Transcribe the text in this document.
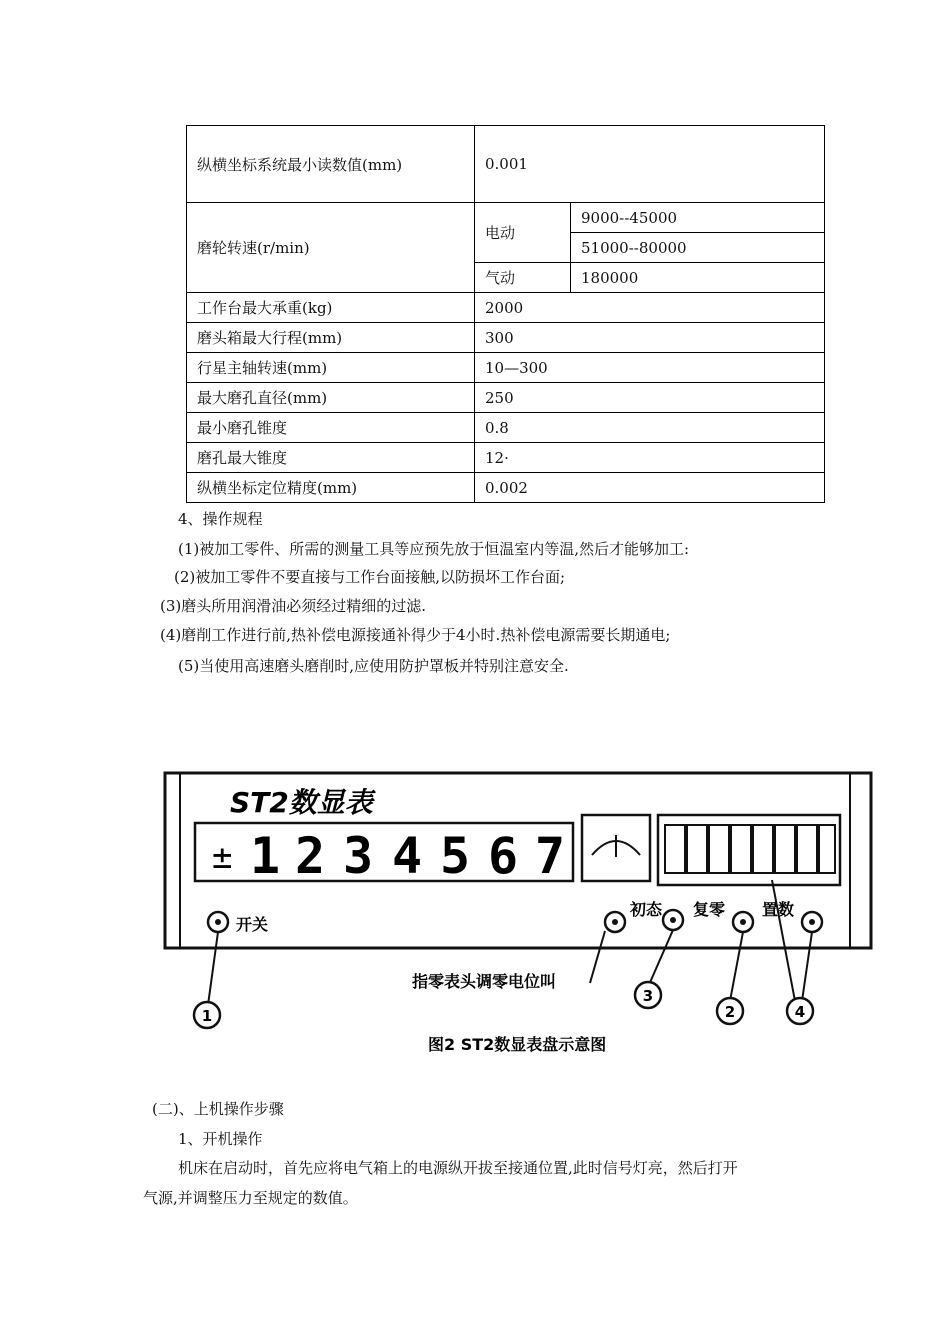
纵横坐标系统最小读数值(mm)	0.001	
磨轮转速(r/min)	电动	9000--45000
		51000--80000
	气动	180000
工作台最大承重(kg)	2000	
磨头箱最大行程(mm)	300	
行星主轴转速(mm)	10—300	
最大磨孔直径(mm)	250	
最小磨孔锥度	0.8	
磨孔最大锥度	12·	
纵横坐标定位精度(mm)	0.002	
4、操作规程
(1)被加工零件、所需的测量工具等应预先放于恒温室内等温,然后才能够加工:
(2)被加工零件不要直接与工作台面接触,以防损坏工作台面;
(3)磨头所用润滑油必须经过精细的过滤.
(4)磨削工作进行前,热补偿电源接通补得少于4小时.热补偿电源需要长期通电;
(5)当使用高速磨头磨削时,应使用防护罩板并特别注意安全.
ST2数显表
± 1 2 3 4 5 6 7
开关
初态 复零 置数
指零表头调零电位叫
1
3
2	4
图2 ST2数显表盘示意图
(二)、上机操作步骤
1、开机操作
机床在启动时，首先应将电气箱上的电源纵开拔至接通位置,此时信号灯亮，然后打开
气源,并调整压力至规定的数值。
